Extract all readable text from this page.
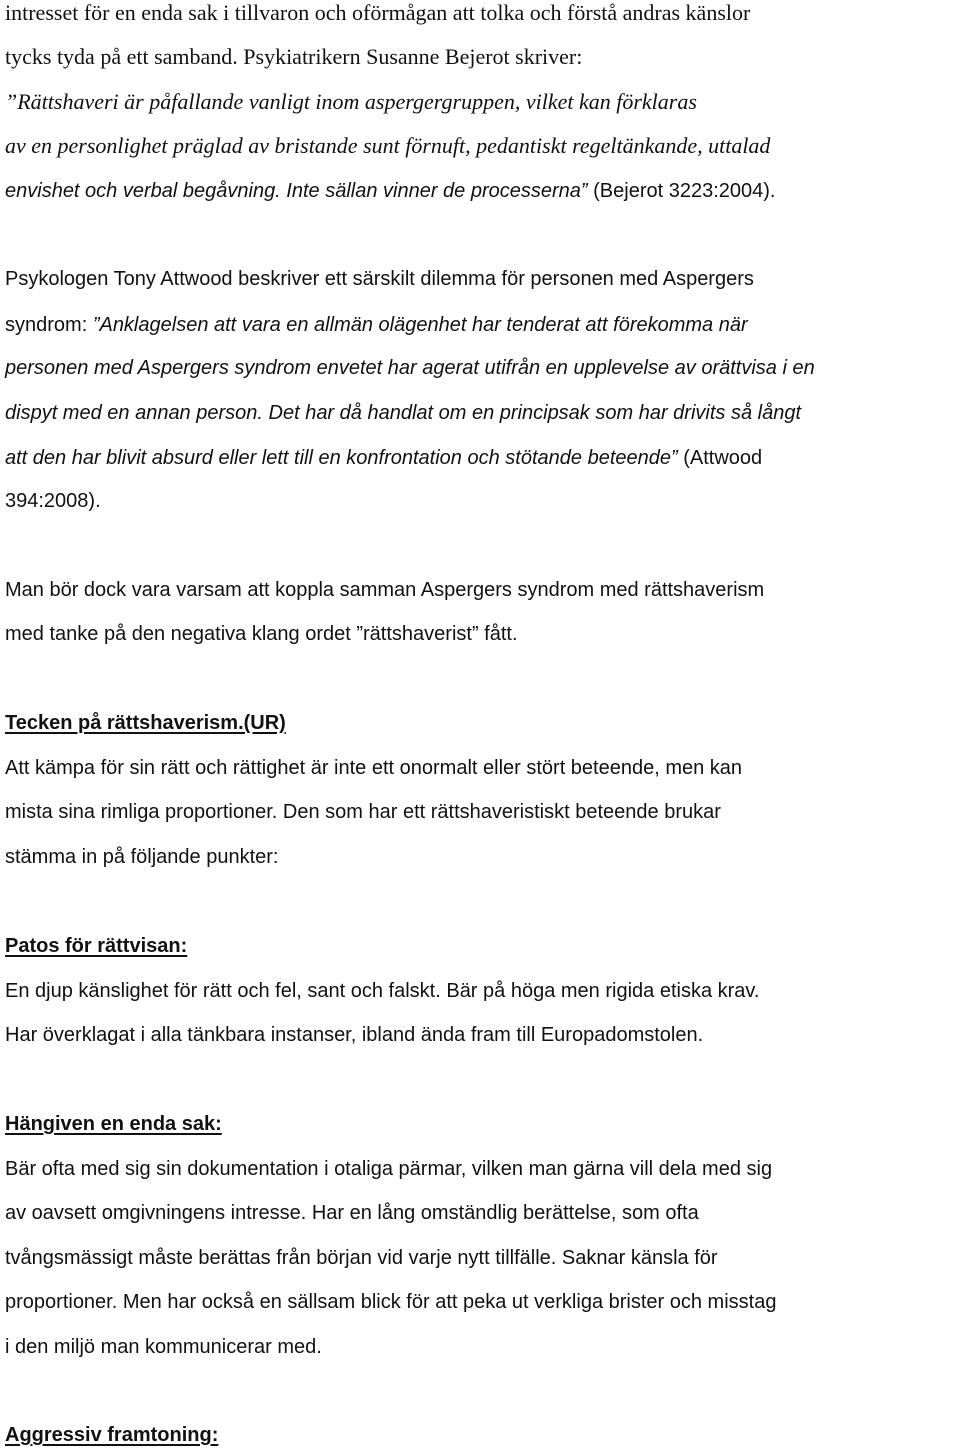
intresset för en enda sak i tillvaron och oförmågan att tolka och förstå andras känslor
tycks tyda på ett samband. Psykiatrikern Susanne Bejerot skriver:
”Rättshaveri är påfallande vanligt inom aspergergruppen, vilket kan förklaras
av en personlighet präglad av bristande sunt förnuft, pedantiskt regeltänkande, uttalad
envishet och verbal begåvning. Inte sällan vinner de processerna” (Bejerot 3223:2004).
Psykologen Tony Attwood beskriver ett särskilt dilemma för personen med Aspergers
syndrom: ”Anklagelsen att vara en allmän olägenhet har tenderat att förekomma när
personen med Aspergers syndrom envetet har agerat utifrån en upplevelse av orättvisa i en
dispyt med en annan person. Det har då handlat om en principsak som har drivits så långt
att den har blivit absurd eller lett till en konfrontation och stötande beteende” (Attwood
394:2008).
Man bör dock vara varsam att koppla samman Aspergers syndrom med rättshaverism
med tanke på den negativa klang ordet ”rättshaverist” fått.
Tecken på rättshaverism.(UR)
Att kämpa för sin rätt och rättighet är inte ett onormalt eller stört beteende, men kan
mista sina rimliga proportioner. Den som har ett rättshaveristiskt beteende brukar
stämma in på följande punkter:
Patos för rättvisan:
En djup känslighet för rätt och fel, sant och falskt. Bär på höga men rigida etiska krav.
Har överklagat i alla tänkbara instanser, ibland ända fram till Europadomstolen.
Hängiven en enda sak:
Bär ofta med sig sin dokumentation i otaliga pärmar, vilken man gärna vill dela med sig
av oavsett omgivningens intresse. Har en lång omständlig berättelse, som ofta
tvångsmässigt måste berättas från början vid varje nytt tillfälle. Saknar känsla för
proportioner. Men har också en sällsam blick för att peka ut verkliga brister och misstag
i den miljö man kommunicerar med.
Aggressiv framtoning:
